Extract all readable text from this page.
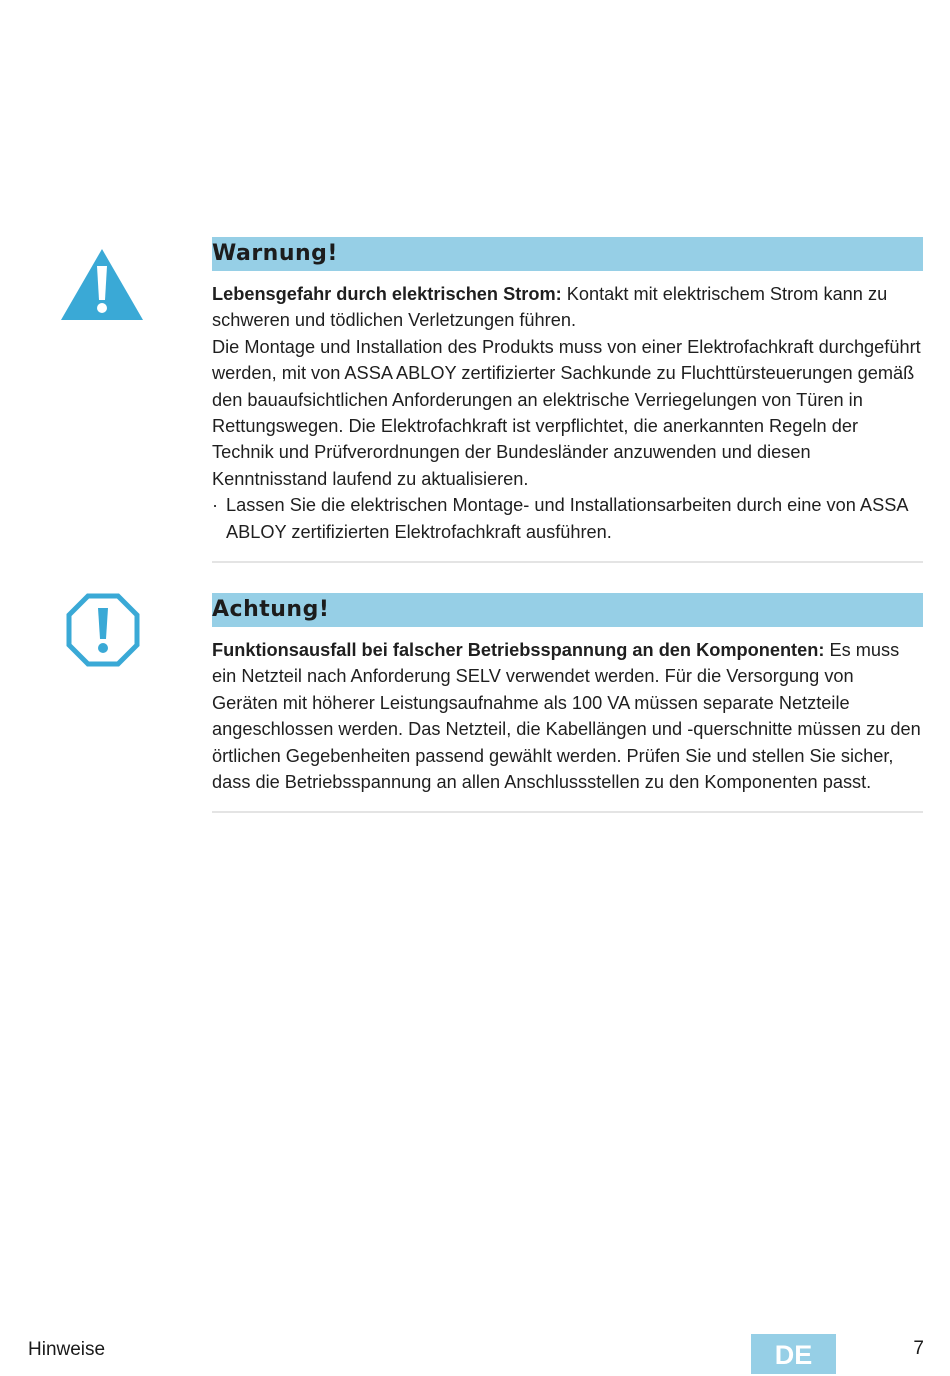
Warnung!

Lebensgefahr durch elektrischen Strom: Kontakt mit elektrischem Strom kann zu schweren und tödlichen Verletzungen führen.

Die Montage und Installation des Produkts muss von einer Elektrofachkraft durchgeführt werden, mit von ASSA ABLOY zertifizierter Sachkunde zu Fluchttürsteuerungen gemäß den bauaufsichtlichen Anforderungen an elektrische Verriegelungen von Türen in Rettungswegen. Die Elektrofachkraft ist verpflichtet, die anerkannten Regeln der Technik und Prüfverordnungen der Bundesländer anzuwenden und diesen Kenntnisstand laufend zu aktualisieren.

· Lassen Sie die elektrischen Montage- und Installationsarbeiten durch eine von ASSA ABLOY zertifizierten Elektrofachkraft ausführen.
Achtung!

Funktionsausfall bei falscher Betriebsspannung an den Komponenten: Es muss ein Netzteil nach Anforderung SELV verwendet werden. Für die Versorgung von Geräten mit höherer Leistungsaufnahme als 100 VA müssen separate Netzteile angeschlossen werden. Das Netzteil, die Kabellängen und -querschnitte müssen zu den örtlichen Gegebenheiten passend gewählt werden. Prüfen Sie und stellen Sie sicher, dass die Betriebsspannung an allen Anschlussstellen zu den Komponenten passt.

Hinweise	DE	7
